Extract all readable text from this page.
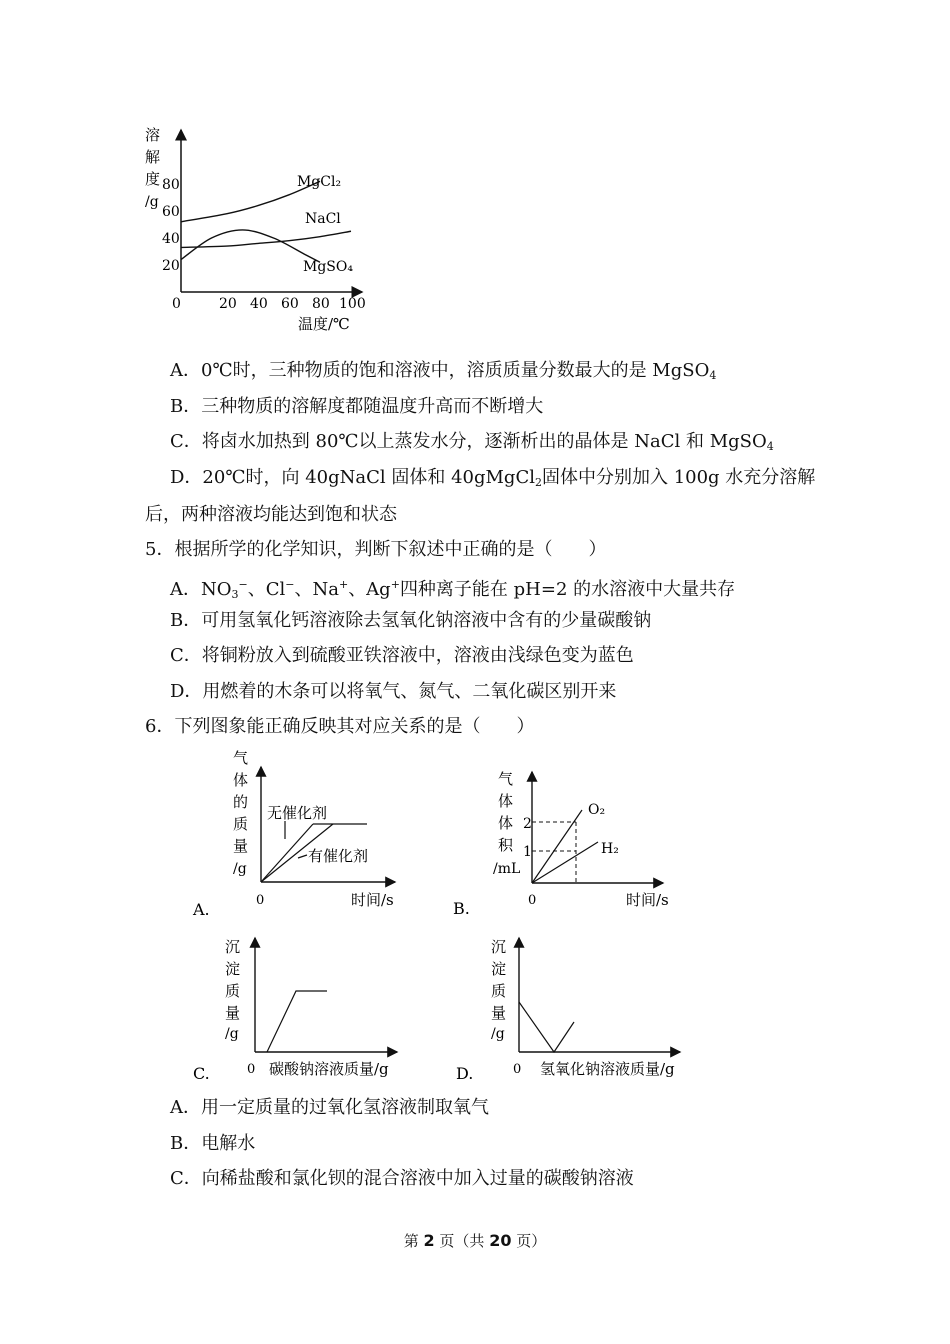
溶
解
度
/g
20
40
60
80
0	20 40 60 80 100
温度/℃
MgCl₂
NaCl
MgSO₄
A．0℃时，三种物质的饱和溶液中，溶质质量分数最大的是 MgSO$_4$
B．三种物质的溶解度都随温度升高而不断增大
C．将卤水加热到 80℃以上蒸发水分，逐渐析出的晶体是 NaCl 和 MgSO$_4$
D．20℃时，向 40gNaCl 固体和 40gMgCl$_2$固体中分别加入 100g 水充分溶解
后，两种溶液均能达到饱和状态
5．根据所学的化学知识，判断下叙述中正确的是（　　）
A．$NO_3^-$、Cl−、Na+、Ag+四种离子能在 pH=2 的水溶液中大量共存
B．可用氢氧化钙溶液除去氢氧化钠溶液中含有的少量碳酸钠
C．将铜粉放入到硫酸亚铁溶液中，溶液由浅绿色变为蓝色
D．用燃着的木条可以将氧气、氮气、二氧化碳区别开来
6．下列图象能正确反映其对应关系的是（　　）
气
体
的
质
量
/g
无催化剂
有催化剂
0	时间/s
A.
气
体
体
积
/mL
2
1
O₂
H₂
0	时间/s
B.
沉
淀
质
量
/g
0 碳酸钠溶液质量/g
C.
沉
淀
质
量
/g
0 氢氧化钠溶液质量/g
D.
A．用一定质量的过氧化氢溶液制取氧气
B．电解水
C．向稀盐酸和氯化钡的混合溶液中加入过量的碳酸钠溶液
第 2 页（共 20 页）
